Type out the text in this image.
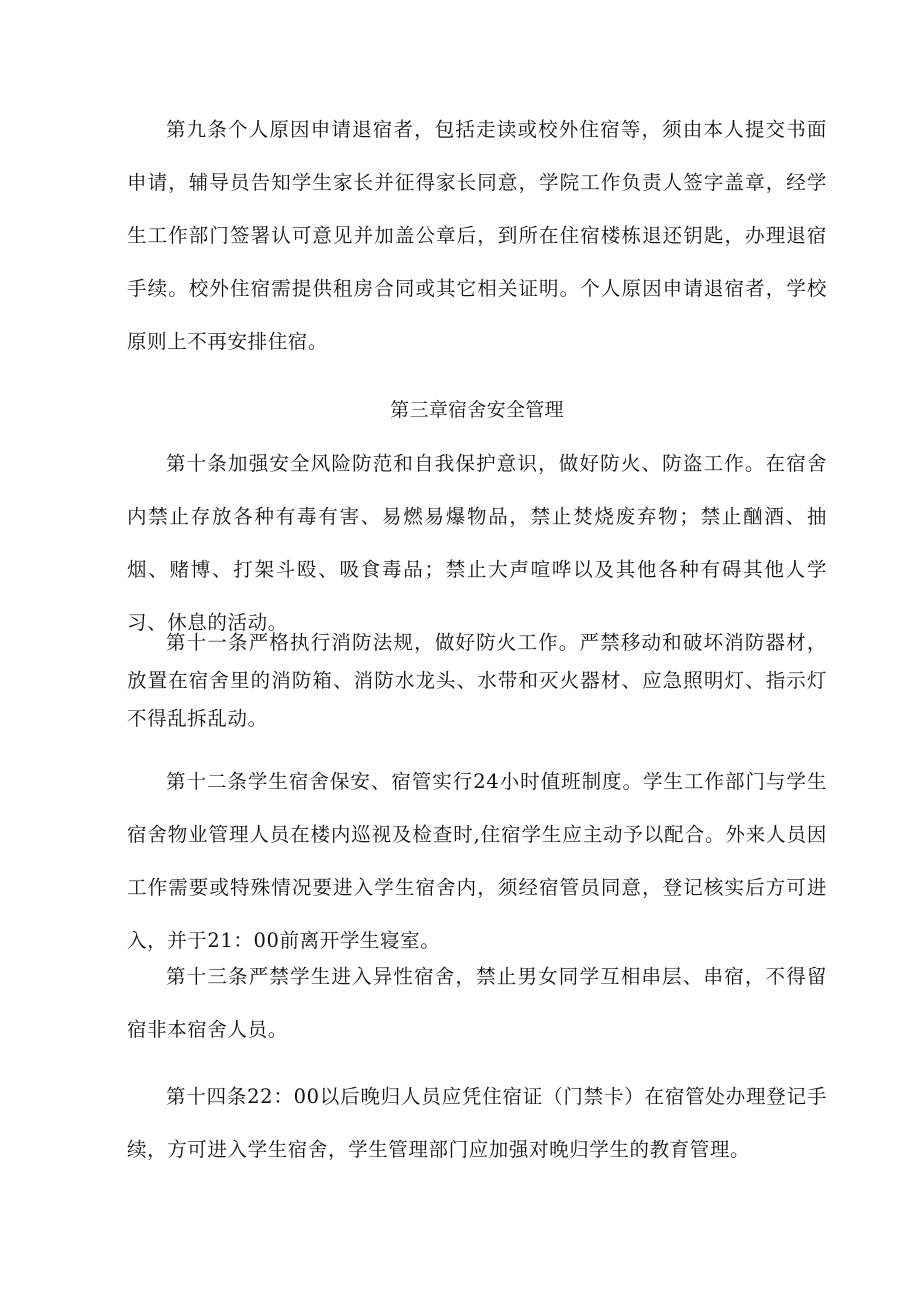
第九条个人原因申请退宿者，包括走读或校外住宿等，须由本人提交书面申请，辅导员告知学生家长并征得家长同意，学院工作负责人签字盖章，经学生工作部门签署认可意见并加盖公章后，到所在住宿楼栋退还钥匙，办理退宿手续。校外住宿需提供租房合同或其它相关证明。个人原因申请退宿者，学校原则上不再安排住宿。

第三章宿舍安全管理

第十条加强安全风险防范和自我保护意识，做好防火、防盗工作。在宿舍内禁止存放各种有毒有害、易燃易爆物品，禁止焚烧废弃物；禁止酗酒、抽烟、赌博、打架斗殴、吸食毒品；禁止大声喧哗以及其他各种有碍其他人学习、休息的活动。

第十一条严格执行消防法规，做好防火工作。严禁移动和破坏消防器材，放置在宿舍里的消防箱、消防水龙头、水带和灭火器材、应急照明灯、指示灯不得乱拆乱动。

第十二条学生宿舍保安、宿管实行24小时值班制度。学生工作部门与学生宿舍物业管理人员在楼内巡视及检查时,住宿学生应主动予以配合。外来人员因工作需要或特殊情况要进入学生宿舍内，须经宿管员同意，登记核实后方可进入，并于21：00前离开学生寝室。

第十三条严禁学生进入异性宿舍，禁止男女同学互相串层、串宿，不得留宿非本宿舍人员。

第十四条22：00以后晚归人员应凭住宿证（门禁卡）在宿管处办理登记手续，方可进入学生宿舍，学生管理部门应加强对晚归学生的教育管理。
